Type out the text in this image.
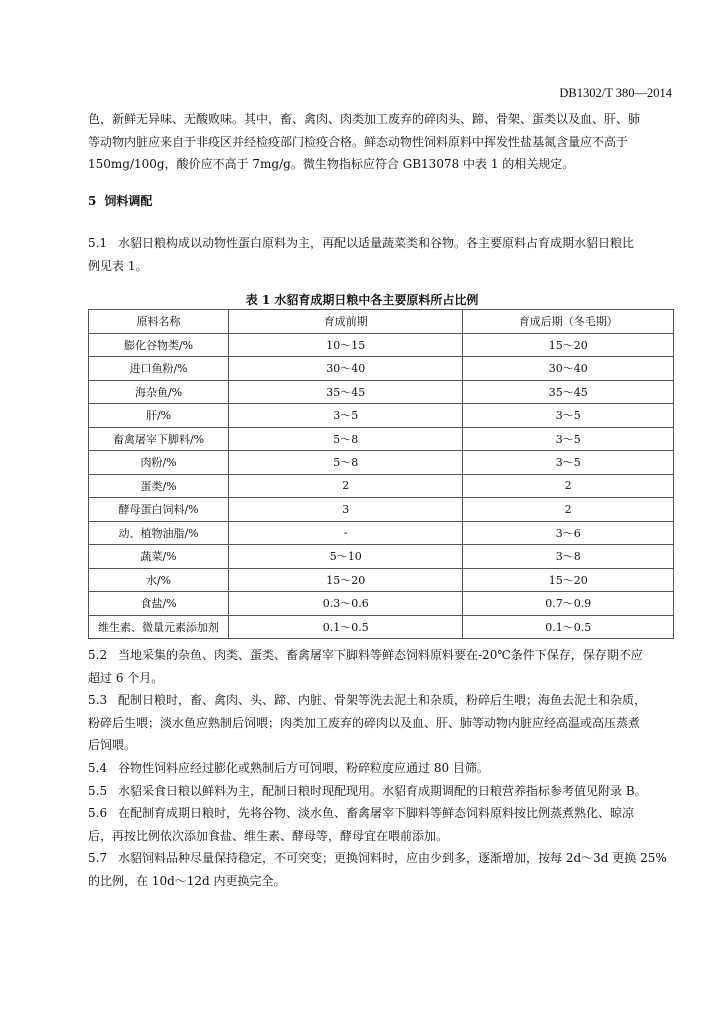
DB1302/T 380—2014
色，新鲜无异味、无酸败味。其中，畜、禽肉、肉类加工废弃的碎肉头、蹄、骨架、蛋类以及血、肝、肺
等动物内脏应来自于非疫区并经检疫部门检疫合格。鲜态动物性饲料原料中挥发性盐基氮含量应不高于
150mg/100g，酸价应不高于 7mg/g。微生物指标应符合 GB13078 中表 1 的相关规定。
5 饲料调配
5.1 水貂日粮构成以动物性蛋白原料为主，再配以适量蔬菜类和谷物。各主要原料占育成期水貂日粮比
例见表 1。
表 1 水貂育成期日粮中各主要原料所占比例
原料名称	育成前期	育成后期（冬毛期）
膨化谷物类/%	10～15	15～20
进口鱼粉/%	30～40	30～40
海杂鱼/%	35～45	35～45
肝/%	3～5	3～5
畜禽屠宰下脚料/%	5～8	3～5
肉粉/%	5～8	3～5
蛋类/%	2	2
酵母蛋白饲料/%	3	2
动、植物油脂/%	-	3～6
蔬菜/%	5～10	3～8
水/%	15～20	15～20
食盐/%	0.3～0.6	0.7～0.9
维生素、微量元素添加剂	0.1～0.5	0.1～0.5
5.2 当地采集的杂鱼、肉类、蛋类、畜禽屠宰下脚料等鲜态饲料原料要在-20℃条件下保存，保存期不应
超过 6 个月。
5.3 配制日粮时，畜、禽肉、头、蹄、内脏、骨架等洗去泥土和杂质，粉碎后生喂；海鱼去泥土和杂质，
粉碎后生喂；淡水鱼应熟制后饲喂；肉类加工废弃的碎肉以及血、肝、肺等动物内脏应经高温或高压蒸煮
后饲喂。
5.4 谷物性饲料应经过膨化或熟制后方可饲喂，粉碎粒度应通过 80 目筛。
5.5 水貂采食日粮以鲜料为主，配制日粮时现配现用。水貂育成期调配的日粮营养指标参考值见附录 B。
5.6 在配制育成期日粮时，先将谷物、淡水鱼、畜禽屠宰下脚料等鲜态饲料原料按比例蒸煮熟化、晾凉
后，再按比例依次添加食盐、维生素、酵母等，酵母宜在喂前添加。
5.7 水貂饲料品种尽量保持稳定，不可突变；更换饲料时，应由少到多，逐渐增加，按每 2d～3d 更换 25%
的比例，在 10d～12d 内更换完全。
